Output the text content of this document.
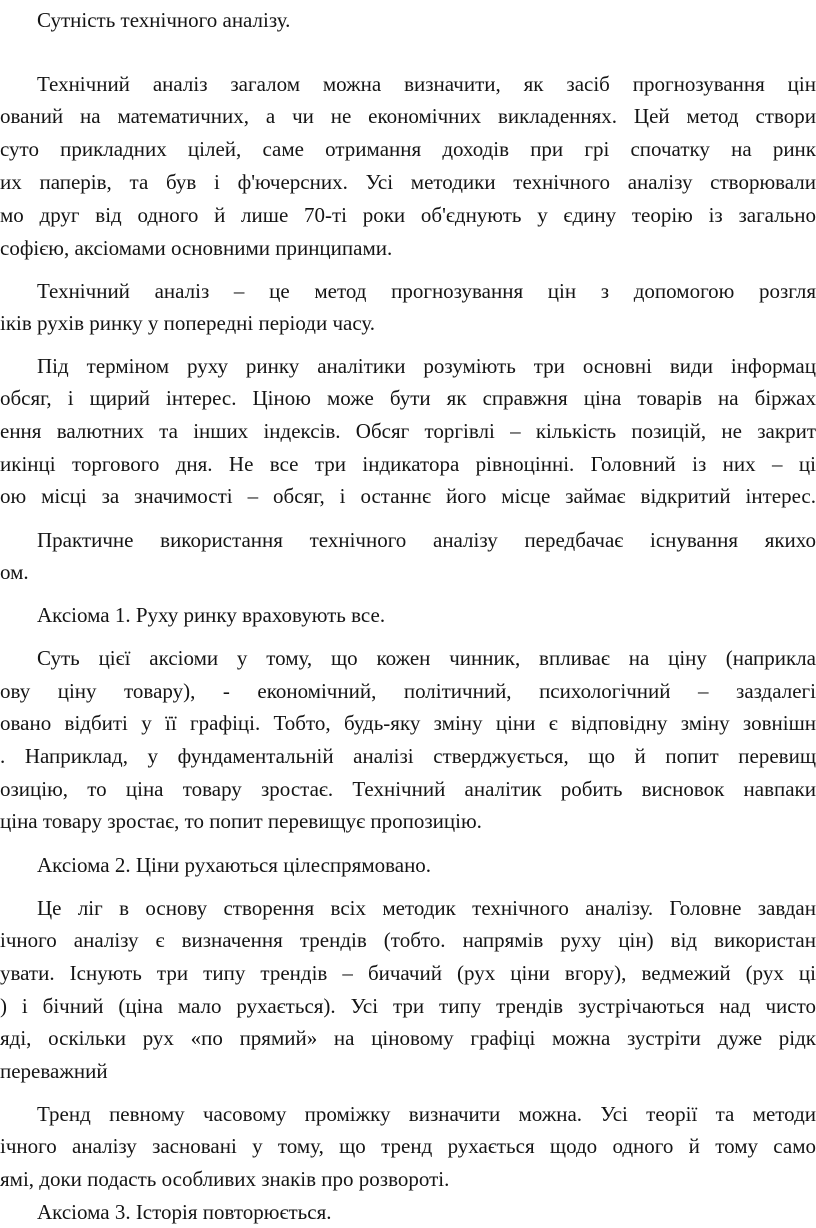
Сутність технічного аналізу.
Технічний аналіз загалом можна визначити, як засіб прогнозування цін
ований на математичних, а чи не економічних викладеннях. Цей метод створи
суто прикладних цілей, саме отримання доходів при грі спочатку на ринк
их паперів, та був і ф'ючерсних. Усі методики технічного аналізу створювали
мо друг від одного й лише 70-ті роки об'єднують у єдину теорію із загально
софією, аксіомами основними принципами.
Технічний аналіз – це метод прогнозування цін з допомогою розгля
іків рухів ринку у попередні періоди часу.
Під терміном руху ринку аналітики розуміють три основні види інформац
обсяг, і щирий інтерес. Ціною може бути як справжня ціна товарів на біржах
ення валютних та інших індексів. Обсяг торгівлі – кількість позицій, не закрит
икінці торгового дня. Не все три індикатора рівноцінні. Головний із них – ці
ою місці за значимості – обсяг, і останнє його місце займає відкритий інтерес.
Практичне використання технічного аналізу передбачає існування якихо
ом.
Аксіома 1. Руху ринку враховують все.
Суть цієї аксіоми у тому, що кожен чинник, впливає на ціну (наприкла
ову ціну товару), - економічний, політичний, психологічний – заздалегі
овано відбиті у її графіці. Тобто, будь-яку зміну ціни є відповідну зміну зовнішн
. Наприклад, у фундаментальній аналізі стверджується, що й попит перевищ
озицію, то ціна товару зростає. Технічний аналітик робить висновок навпаки
ціна товару зростає, то попит перевищує пропозицію.
Аксіома 2. Ціни рухаються цілеспрямовано.
Це ліг в основу створення всіх методик технічного аналізу. Головне завдан
ічного аналізу є визначення трендів (тобто. напрямів руху цін) від використан
увати. Існують три типу трендів – бичачий (рух ціни вгору), ведмежий (рух ці
) і бічний (ціна мало рухається). Усі три типу трендів зустрічаються над чисто
яді, оскільки рух «по прямий» на ціновому графіці можна зустріти дуже рідк
переважний
Тренд певному часовому проміжку визначити можна. Усі теорії та методи
ічного аналізу засновані у тому, що тренд рухається щодо одного й тому само
ямі, доки подасть особливих знаків про розвороті.
Аксіома 3. Історія повторюється.
